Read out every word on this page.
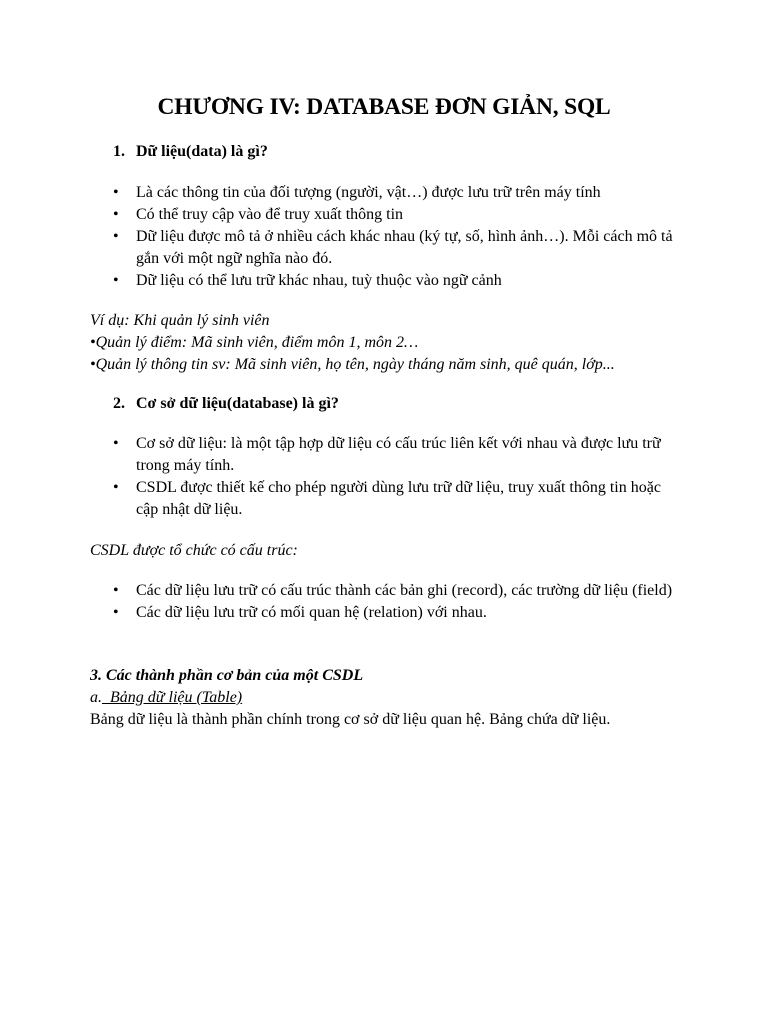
CHƯƠNG IV: DATABASE ĐƠN GIẢN, SQL
1. Dữ liệu(data) là gì?
• Là các thông tin của đối tượng (người, vật…) được lưu trữ trên máy tính
• Có thể truy cập vào để truy xuất thông tin
• Dữ liệu được mô tả ở nhiều cách khác nhau (ký tự, số, hình ảnh…). Mỗi cách mô tả gắn với một ngữ nghĩa nào đó.
• Dữ liệu có thể lưu trữ khác nhau, tuỳ thuộc vào ngữ cảnh
Ví dụ: Khi quản lý sinh viên
•Quản lý điểm: Mã sinh viên, điểm môn 1, môn 2…
•Quản lý thông tin sv: Mã sinh viên, họ tên, ngày tháng năm sinh, quê quán, lớp...
2. Cơ sở dữ liệu(database) là gì?
• Cơ sở dữ liệu: là một tập hợp dữ liệu có cấu trúc liên kết với nhau và được lưu trữ trong máy tính.
• CSDL được thiết kế cho phép người dùng lưu trữ dữ liệu, truy xuất thông tin hoặc cập nhật dữ liệu.
CSDL được tổ chức có cấu trúc:
• Các dữ liệu lưu trữ có cấu trúc thành các bản ghi (record), các trường dữ liệu (field)
• Các dữ liệu lưu trữ có mối quan hệ (relation) với nhau.
3. Các thành phần cơ bản của một CSDL
a.  Bảng dữ liệu (Table)
Bảng dữ liệu là thành phần chính trong cơ sở dữ liệu quan hệ. Bảng chứa dữ liệu.
